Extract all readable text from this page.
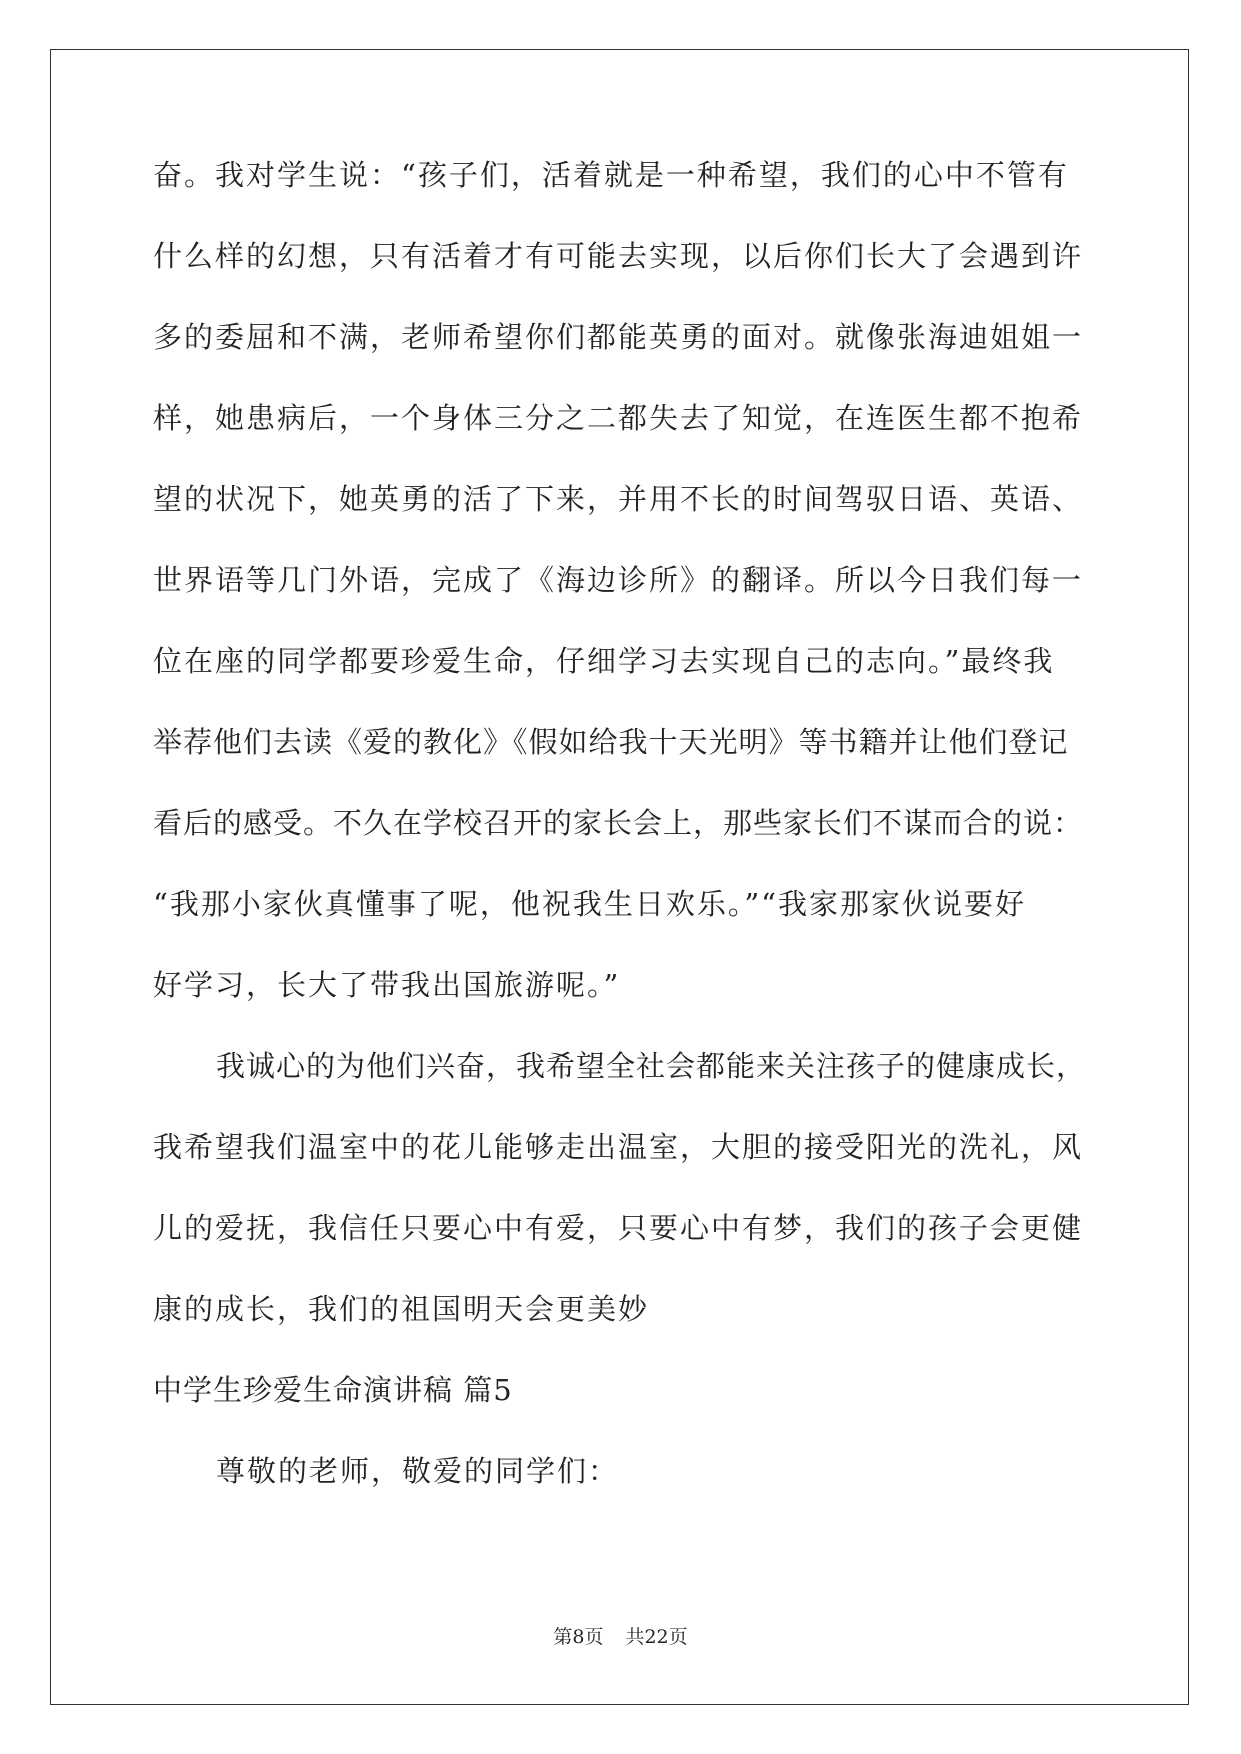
奋。我对学生说：“孩子们，活着就是一种希望，我们的心中不管有
什么样的幻想，只有活着才有可能去实现，以后你们长大了会遇到许
多的委屈和不满，老师希望你们都能英勇的面对。就像张海迪姐姐一
样，她患病后，一个身体三分之二都失去了知觉，在连医生都不抱希
望的状况下，她英勇的活了下来，并用不长的时间驾驭日语、英语、
世界语等几门外语，完成了《海边诊所》的翻译。所以今日我们每一
位在座的同学都要珍爱生命，仔细学习去实现自己的志向。”最终我
举荐他们去读《爱的教化》《假如给我十天光明》等书籍并让他们登记
看后的感受。不久在学校召开的家长会上，那些家长们不谋而合的说：
“我那小家伙真懂事了呢，他祝我生日欢乐。”“我家那家伙说要好
好学习，长大了带我出国旅游呢。”
我诚心的为他们兴奋，我希望全社会都能来关注孩子的健康成长，
我希望我们温室中的花儿能够走出温室，大胆的接受阳光的洗礼，风
儿的爱抚，我信任只要心中有爱，只要心中有梦，我们的孩子会更健
康的成长，我们的祖国明天会更美妙
中学生珍爱生命演讲稿 篇5
尊敬的老师，敬爱的同学们：
第8页 共22页
